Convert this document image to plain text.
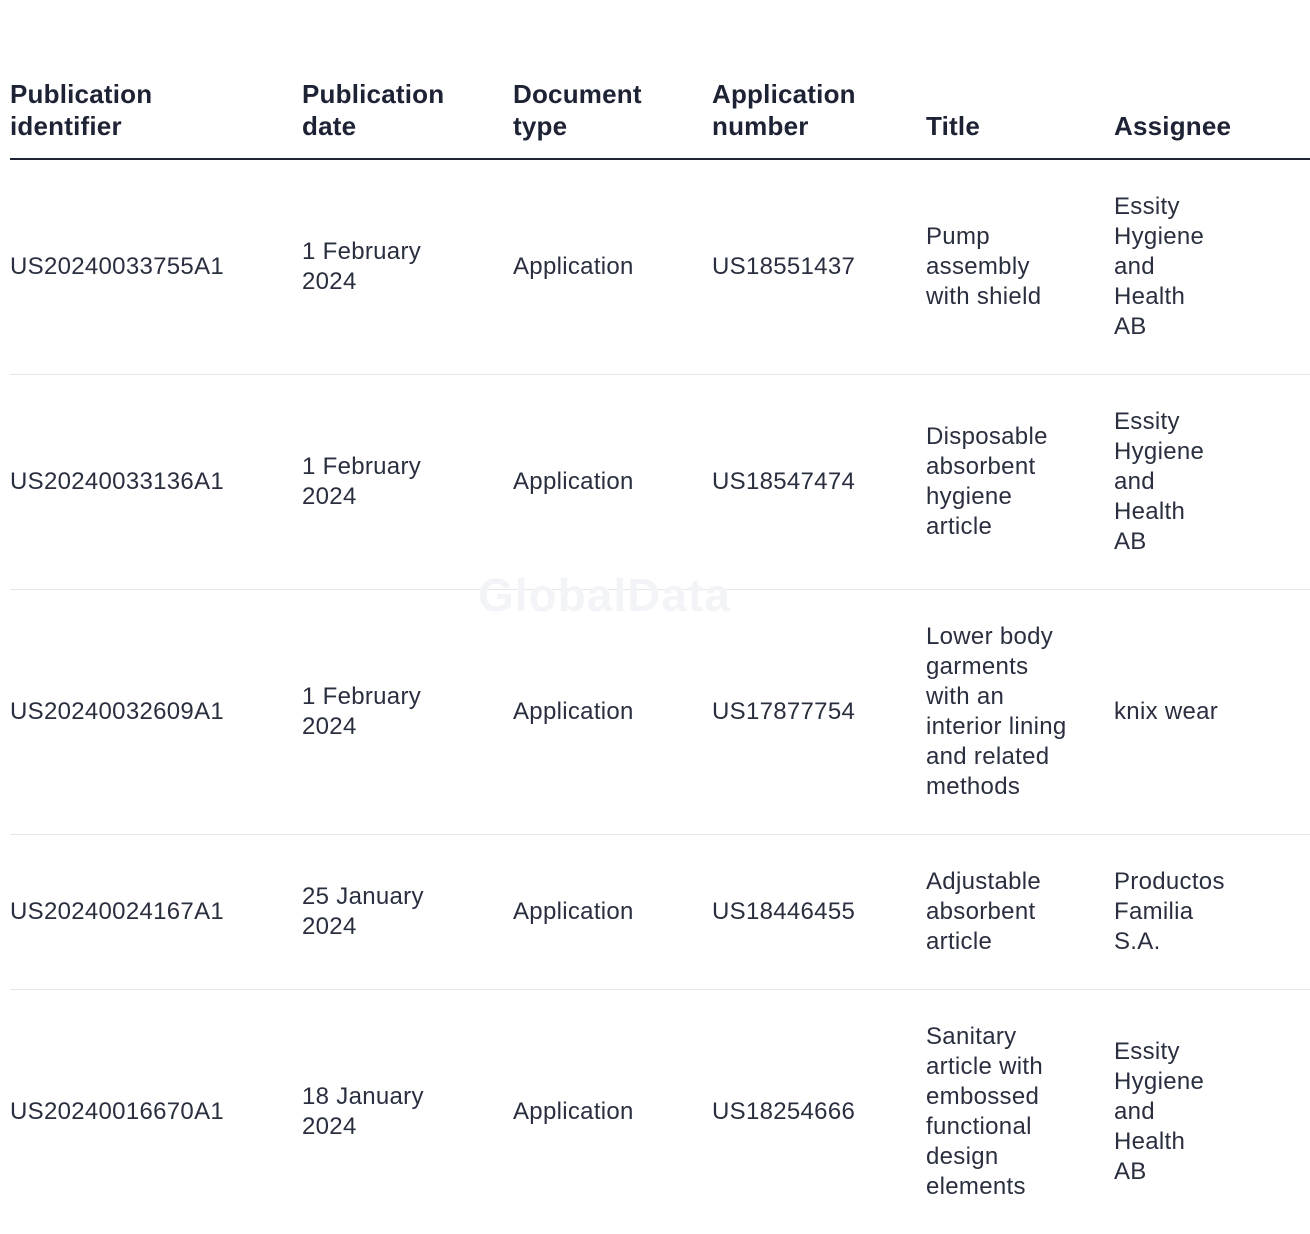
Publication identifier	Publication date	Document type	Application number	Title	Assignee
US20240033755A1	1 February 2024	Application	US18551437	Pump assembly with shield	Essity Hygiene and Health AB
US20240033136A1	1 February 2024	Application	US18547474	Disposable absorbent hygiene article	Essity Hygiene and Health AB
US20240032609A1	1 February 2024	Application	US17877754	Lower body garments with an interior lining and related methods	knix wear
US20240024167A1	25 January 2024	Application	US18446455	Adjustable absorbent article	Productos Familia S.A.
US20240016670A1	18 January 2024	Application	US18254666	Sanitary article with embossed functional design elements	Essity Hygiene and Health AB
GlobalData
